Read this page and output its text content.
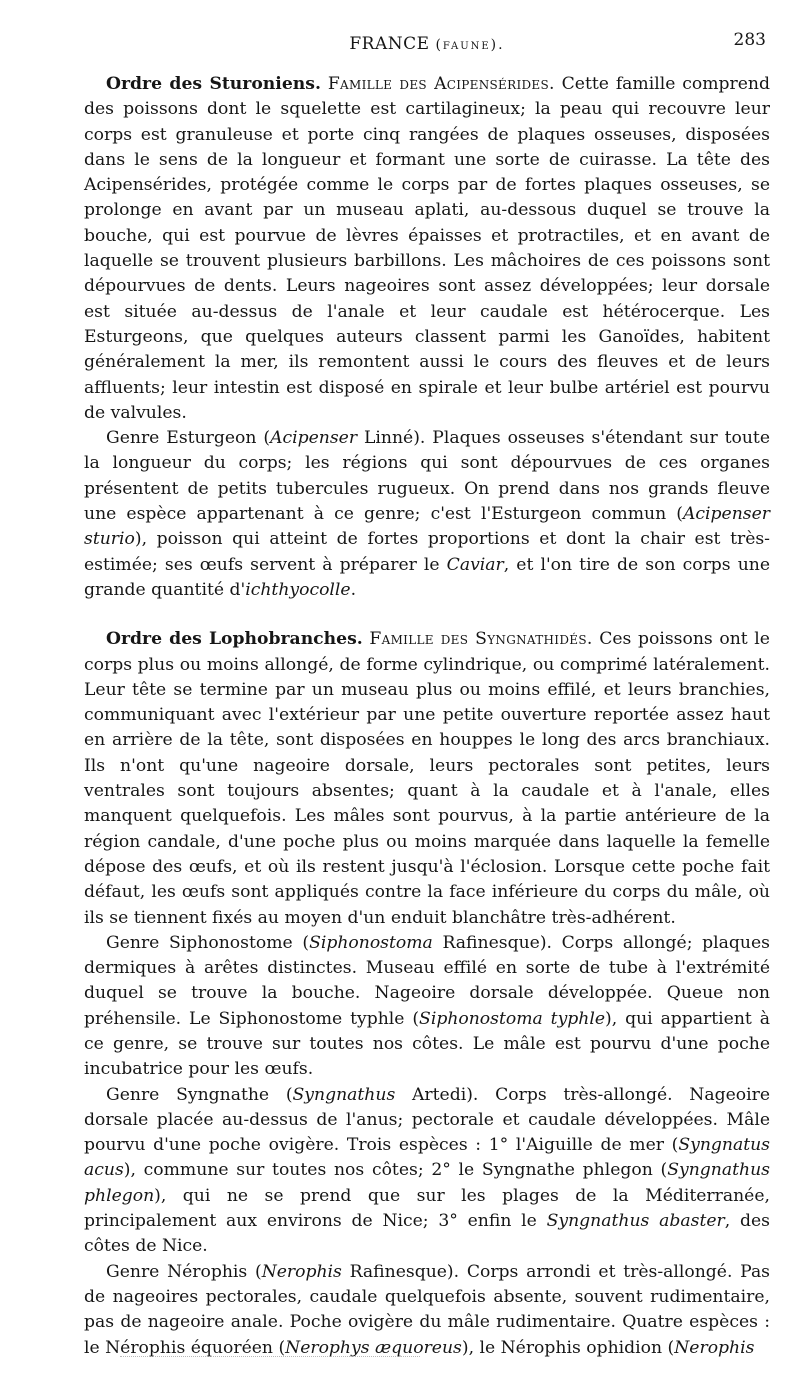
FRANCE (faune).	283

Ordre des Sturoniens. Famille des Acipensérides. Cette famille comprend des poissons dont le squelette est cartilagineux; la peau qui recouvre leur corps est granuleuse et porte cinq rangées de plaques osseuses, disposées dans le sens de la longueur et formant une sorte de cuirasse. La tête des Acipensérides, protégée comme le corps par de fortes plaques osseuses, se prolonge en avant par un museau aplati, au-dessous duquel se trouve la bouche, qui est pourvue de lèvres épaisses et protractiles, et en avant de laquelle se trouvent plusieurs barbillons. Les mâchoires de ces poissons sont dépourvues de dents. Leurs nageoires sont assez développées; leur dorsale est située au-dessus de l'anale et leur caudale est hétérocerque. Les Esturgeons, que quelques auteurs classent parmi les Ganoïdes, habitent généralement la mer, ils remontent aussi le cours des fleuves et de leurs affluents; leur intestin est disposé en spirale et leur bulbe artériel est pourvu de valvules.

Genre Esturgeon (Acipenser Linné). Plaques osseuses s'étendant sur toute la longueur du corps; les régions qui sont dépourvues de ces organes présentent de petits tubercules rugueux. On prend dans nos grands fleuve une espèce appartenant à ce genre; c'est l'Esturgeon commun (Acipenser sturio), poisson qui atteint de fortes proportions et dont la chair est très-estimée; ses œufs servent à préparer le Caviar, et l'on tire de son corps une grande quantité d'ichthyocolle.

Ordre des Lophobranches. Famille des Syngnathidés. Ces poissons ont le corps plus ou moins allongé, de forme cylindrique, ou comprimé latéralement. Leur tête se termine par un museau plus ou moins effilé, et leurs branchies, communiquant avec l'extérieur par une petite ouverture reportée assez haut en arrière de la tête, sont disposées en houppes le long des arcs branchiaux. Ils n'ont qu'une nageoire dorsale, leurs pectorales sont petites, leurs ventrales sont toujours absentes; quant à la caudale et à l'anale, elles manquent quelquefois. Les mâles sont pourvus, à la partie antérieure de la région candale, d'une poche plus ou moins marquée dans laquelle la femelle dépose des œufs, et où ils restent jusqu'à l'éclosion. Lorsque cette poche fait défaut, les œufs sont appliqués contre la face inférieure du corps du mâle, où ils se tiennent fixés au moyen d'un enduit blanchâtre très-adhérent.

Genre Siphonostome (Siphonostoma Rafinesque). Corps allongé; plaques dermiques à arêtes distinctes. Museau effilé en sorte de tube à l'extrémité duquel se trouve la bouche. Nageoire dorsale développée. Queue non préhensile. Le Siphonostome typhle (Siphonostoma typhle), qui appartient à ce genre, se trouve sur toutes nos côtes. Le mâle est pourvu d'une poche incubatrice pour les œufs.

Genre Syngnathe (Syngnathus Artedi). Corps très-allongé. Nageoire dorsale placée au-dessus de l'anus; pectorale et caudale développées. Mâle pourvu d'une poche ovigère. Trois espèces : 1° l'Aiguille de mer (Syngnatus acus), commune sur toutes nos côtes; 2° le Syngnathe phlegon (Syngnathus phlegon), qui ne se prend que sur les plages de la Méditerranée, principalement aux environs de Nice; 3° enfin le Syngnathus abaster, des côtes de Nice.

Genre Nérophis (Nerophis Rafinesque). Corps arrondi et très-allongé. Pas de nageoires pectorales, caudale quelquefois absente, souvent rudimentaire, pas de nageoire anale. Poche ovigère du mâle rudimentaire. Quatre espèces : le Nérophis équoréen (Nerophys æquoreus), le Nérophis ophidion (Nerophis
